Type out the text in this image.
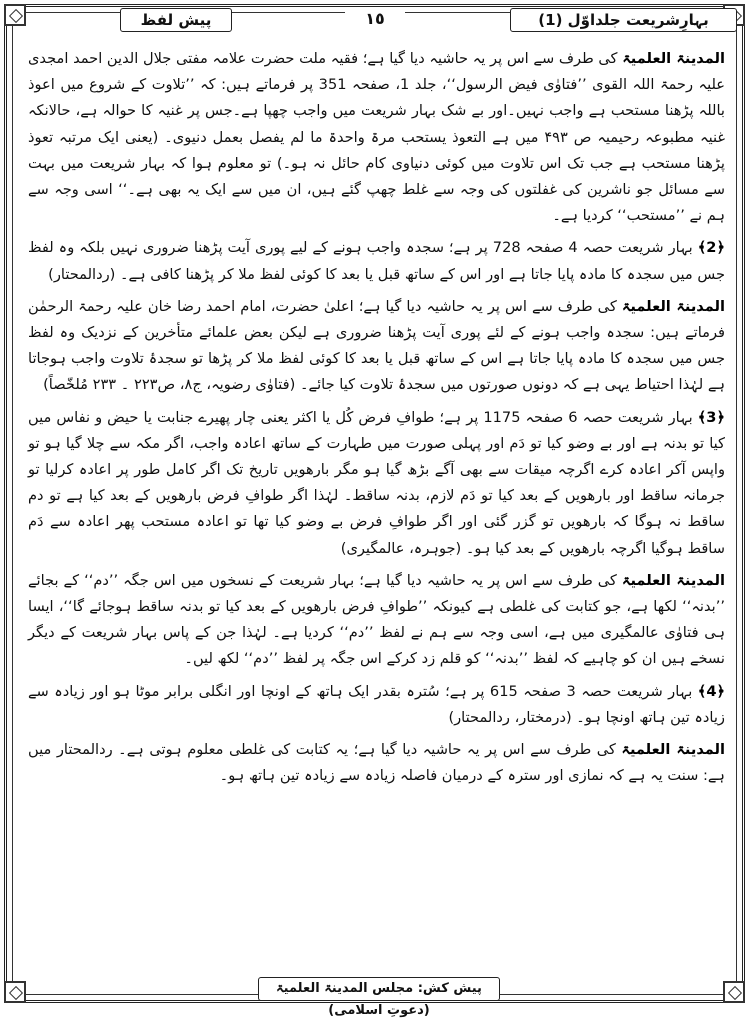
بہارِشریعت جلداوّل (1)
١٥
پیش لفظ

المدینۃ العلمیۃ کی طرف سے اس پر یہ حاشیہ دیا گیا ہے؛ فقیہ ملت حضرت علامہ مفتی جلال الدین احمد امجدی علیہ رحمۃ اللہ القوی ’’فتاوٰی فیض الرسول‘‘، جلد 1، صفحہ 351 پر فرماتے ہیں: کہ ’’تلاوت کے شروع میں اعوذ باللہ پڑھنا مستحب ہے واجب نہیں۔اور بے شک بہار شریعت میں واجب چھپا ہے۔جس پر غنیہ کا حوالہ ہے، حالانکہ غنیہ مطبوعہ رحیمیہ ص ۴۹۳ میں ہے التعوذ یستحب مرۃ واحدۃ ما لم یفصل بعمل دنیوی۔ (یعنی ایک مرتبہ تعوذ پڑھنا مستحب ہے جب تک اس تلاوت میں کوئی دنیاوی کام حائل نہ ہو۔) تو معلوم ہوا کہ بہار شریعت میں بہت سے مسائل جو ناشرین کی غفلتوں کی وجہ سے غلط چھپ گئے ہیں، ان میں سے ایک یہ بھی ہے۔‘‘ اسی وجہ سے ہم نے ’’مستحب‘‘ کردیا ہے۔

﴿2﴾ بہار شریعت حصہ 4 صفحہ 728 پر ہے؛ سجدہ واجب ہونے کے لیے پوری آیت پڑھنا ضروری نہیں بلکہ وہ لفظ جس میں سجدہ کا مادہ پایا جاتا ہے اور اس کے ساتھ قبل یا بعد کا کوئی لفظ ملا کر پڑھنا کافی ہے۔ (ردالمحتار)

المدینۃ العلمیۃ کی طرف سے اس پر یہ حاشیہ دیا گیا ہے؛ اعلیٰ حضرت، امام احمد رضا خان علیہ رحمۃ الرحمٰن فرماتے ہیں: سجدہ واجب ہونے کے لئے پوری آیت پڑھنا ضروری ہے لیکن بعض علمائے متأخرین کے نزدیک وہ لفظ جس میں سجدہ کا مادہ پایا جاتا ہے اس کے ساتھ قبل یا بعد کا کوئی لفظ ملا کر پڑھا تو سجدۂ تلاوت واجب ہوجاتا ہے لہٰذا احتیاط یہی ہے کہ دونوں صورتوں میں سجدۂ تلاوت کیا جائے۔ (فتاوٰی رضویہ، ج۸، ص۲۲۳ ۔ ۲۳۳ مُلخّصاً)

﴿3﴾ بہار شریعت حصہ 6 صفحہ 1175 پر ہے؛ طوافِ فرض کُل یا اکثر یعنی چار پھیرے جنابت یا حیض و نفاس میں کیا تو بدنہ ہے اور بے وضو کیا تو دَم اور پہلی صورت میں طہارت کے ساتھ اعادہ واجب، اگر مکہ سے چلا گیا ہو تو واپس آکر اعادہ کرے اگرچہ میقات سے بھی آگے بڑھ گیا ہو مگر بارھویں تاریخ تک اگر کامل طور پر اعادہ کرلیا تو جرمانہ ساقط اور بارھویں کے بعد کیا تو دَم لازم، بدنہ ساقط۔ لہٰذا اگر طوافِ فرض بارھویں کے بعد کیا ہے تو دم ساقط نہ ہوگا کہ بارھویں تو گزر گئی اور اگر طوافِ فرض بے وضو کیا تھا تو اعادہ مستحب پھر اعادہ سے دَم ساقط ہوگیا اگرچہ بارھویں کے بعد کیا ہو۔ (جوہرہ، عالمگیری)

المدینۃ العلمیۃ کی طرف سے اس پر یہ حاشیہ دیا گیا ہے؛ بہار شریعت کے نسخوں میں اس جگہ ’’دم‘‘ کے بجائے ’’بدنہ‘‘ لکھا ہے، جو کتابت کی غلطی ہے کیونکہ ’’طوافِ فرض بارھویں کے بعد کیا تو بدنہ ساقط ہوجائے گا‘‘، ایسا ہی فتاوٰی عالمگیری میں ہے، اسی وجہ سے ہم نے لفظ ’’دم‘‘ کردیا ہے۔ لہٰذا جن کے پاس بہار شریعت کے دیگر نسخے ہیں ان کو چاہیے کہ لفظ ’’بدنہ‘‘ کو قلم زد کرکے اس جگہ پر لفظ ’’دم‘‘ لکھ لیں۔

﴿4﴾ بہار شریعت حصہ 3 صفحہ 615 پر ہے؛ سُترہ بقدر ایک ہاتھ کے اونچا اور انگلی برابر موٹا ہو اور زیادہ سے زیادہ تین ہاتھ اونچا ہو۔ (درمختار، ردالمحتار)

المدینۃ العلمیۃ کی طرف سے اس پر یہ حاشیہ دیا گیا ہے؛ یہ کتابت کی غلطی معلوم ہوتی ہے۔ ردالمحتار میں ہے: سنت یہ ہے کہ نمازی اور سترہ کے درمیان فاصلہ زیادہ سے زیادہ تین ہاتھ ہو۔

پیش کش: مجلس المدینۃ العلمیۃ (دعوتِ اسلامی)
